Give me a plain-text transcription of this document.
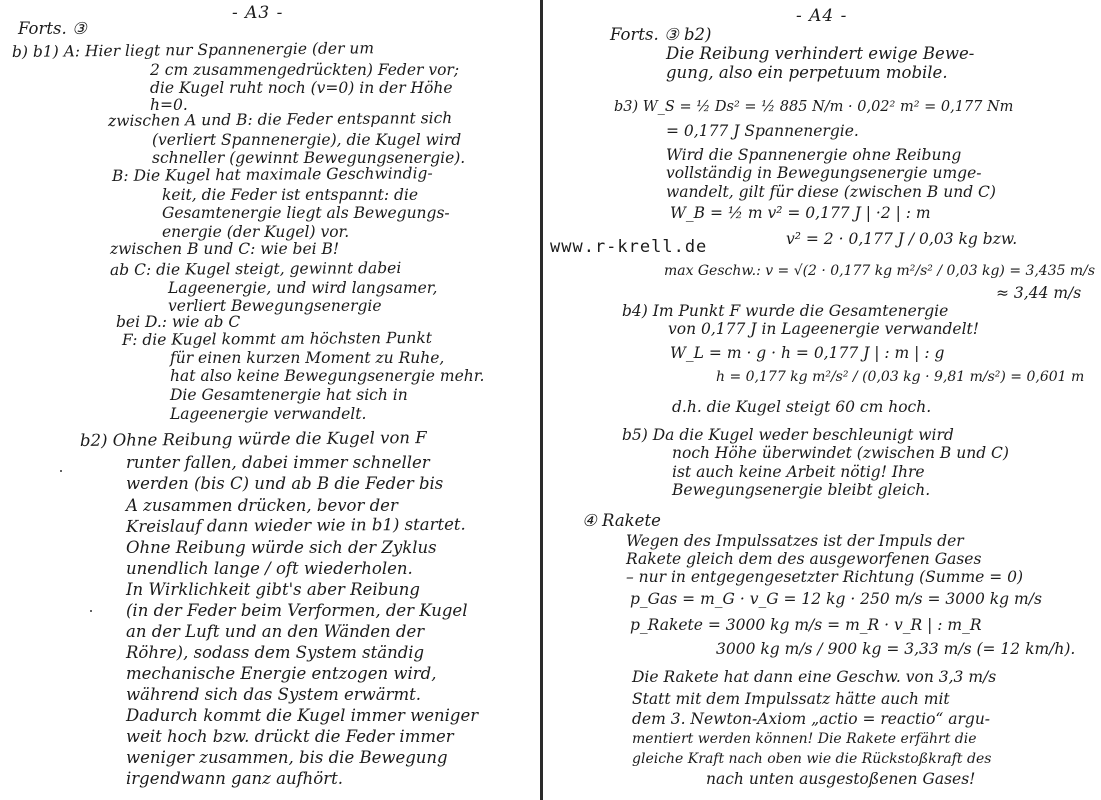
- A3 -
Forts. ③
b) b1) A: Hier liegt nur Spannenergie (der um
2 cm zusammengedrückten) Feder vor;
die Kugel ruht noch (v=0) in der Höhe
h=0.
zwischen A und B: die Feder entspannt sich
(verliert Spannenergie), die Kugel wird
schneller (gewinnt Bewegungsenergie).
B: Die Kugel hat maximale Geschwindig-
keit, die Feder ist entspannt: die
Gesamtenergie liegt als Bewegungs-
energie (der Kugel) vor.
zwischen B und C: wie bei B!
ab C: die Kugel steigt, gewinnt dabei
Lageenergie, und wird langsamer,
verliert Bewegungsenergie
bei D.: wie ab C
F: die Kugel kommt am höchsten Punkt
für einen kurzen Moment zu Ruhe,
hat also keine Bewegungsenergie mehr.
Die Gesamtenergie hat sich in
Lageenergie verwandelt.
b2) Ohne Reibung würde die Kugel von F
runter fallen, dabei immer schneller
werden (bis C) und ab B die Feder bis
A zusammen drücken, bevor der
Kreislauf dann wieder wie in b1) startet.
Ohne Reibung würde sich der Zyklus
unendlich lange / oft wiederholen.
In Wirklichkeit gibt's aber Reibung
(in der Feder beim Verformen, der Kugel
an der Luft und an den Wänden der
Röhre), sodass dem System ständig
mechanische Energie entzogen wird,
während sich das System erwärmt.
Dadurch kommt die Kugel immer weniger
weit hoch bzw. drückt die Feder immer
weniger zusammen, bis die Bewegung
irgendwann ganz aufhört.
- A4 -
www.r-krell.de
Forts. ③ b2)
Die Reibung verhindert ewige Bewe-
gung, also ein perpetuum mobile.
b3) W_S = ½ Ds² = ½ 885 N/m · 0,02² m² = 0,177 Nm
= 0,177 J Spannenergie.
Wird die Spannenergie ohne Reibung
vollständig in Bewegungsenergie umge-
wandelt, gilt für diese (zwischen B und C)
W_B = ½ m v² = 0,177 J | ·2 | : m
v² = 2 · 0,177 J / 0,03 kg bzw.
max Geschw.: v = √(2 · 0,177 kg m²/s² / 0,03 kg) = 3,435 m/s
≈ 3,44 m/s
b4) Im Punkt F wurde die Gesamtenergie
von 0,177 J in Lageenergie verwandelt!
W_L = m · g · h = 0,177 J | : m | : g
h = 0,177 kg m²/s² / (0,03 kg · 9,81 m/s²) = 0,601 m
d.h. die Kugel steigt 60 cm hoch.
b5) Da die Kugel weder beschleunigt wird
noch Höhe überwindet (zwischen B und C)
ist auch keine Arbeit nötig! Ihre
Bewegungsenergie bleibt gleich.
④ Rakete
Wegen des Impulssatzes ist der Impuls der
Rakete gleich dem des ausgeworfenen Gases
– nur in entgegengesetzter Richtung (Summe = 0)
p_Gas = m_G · v_G = 12 kg · 250 m/s = 3000 kg m/s
p_Rakete = 3000 kg m/s = m_R · v_R | : m_R
3000 kg m/s / 900 kg = 3,33 m/s (= 12 km/h).
Die Rakete hat dann eine Geschw. von 3,3 m/s
Statt mit dem Impulssatz hätte auch mit
dem 3. Newton-Axiom „actio = reactio“ argu-
mentiert werden können! Die Rakete erfährt die
gleiche Kraft nach oben wie die Rückstoßkraft des
nach unten ausgestoßenen Gases!
